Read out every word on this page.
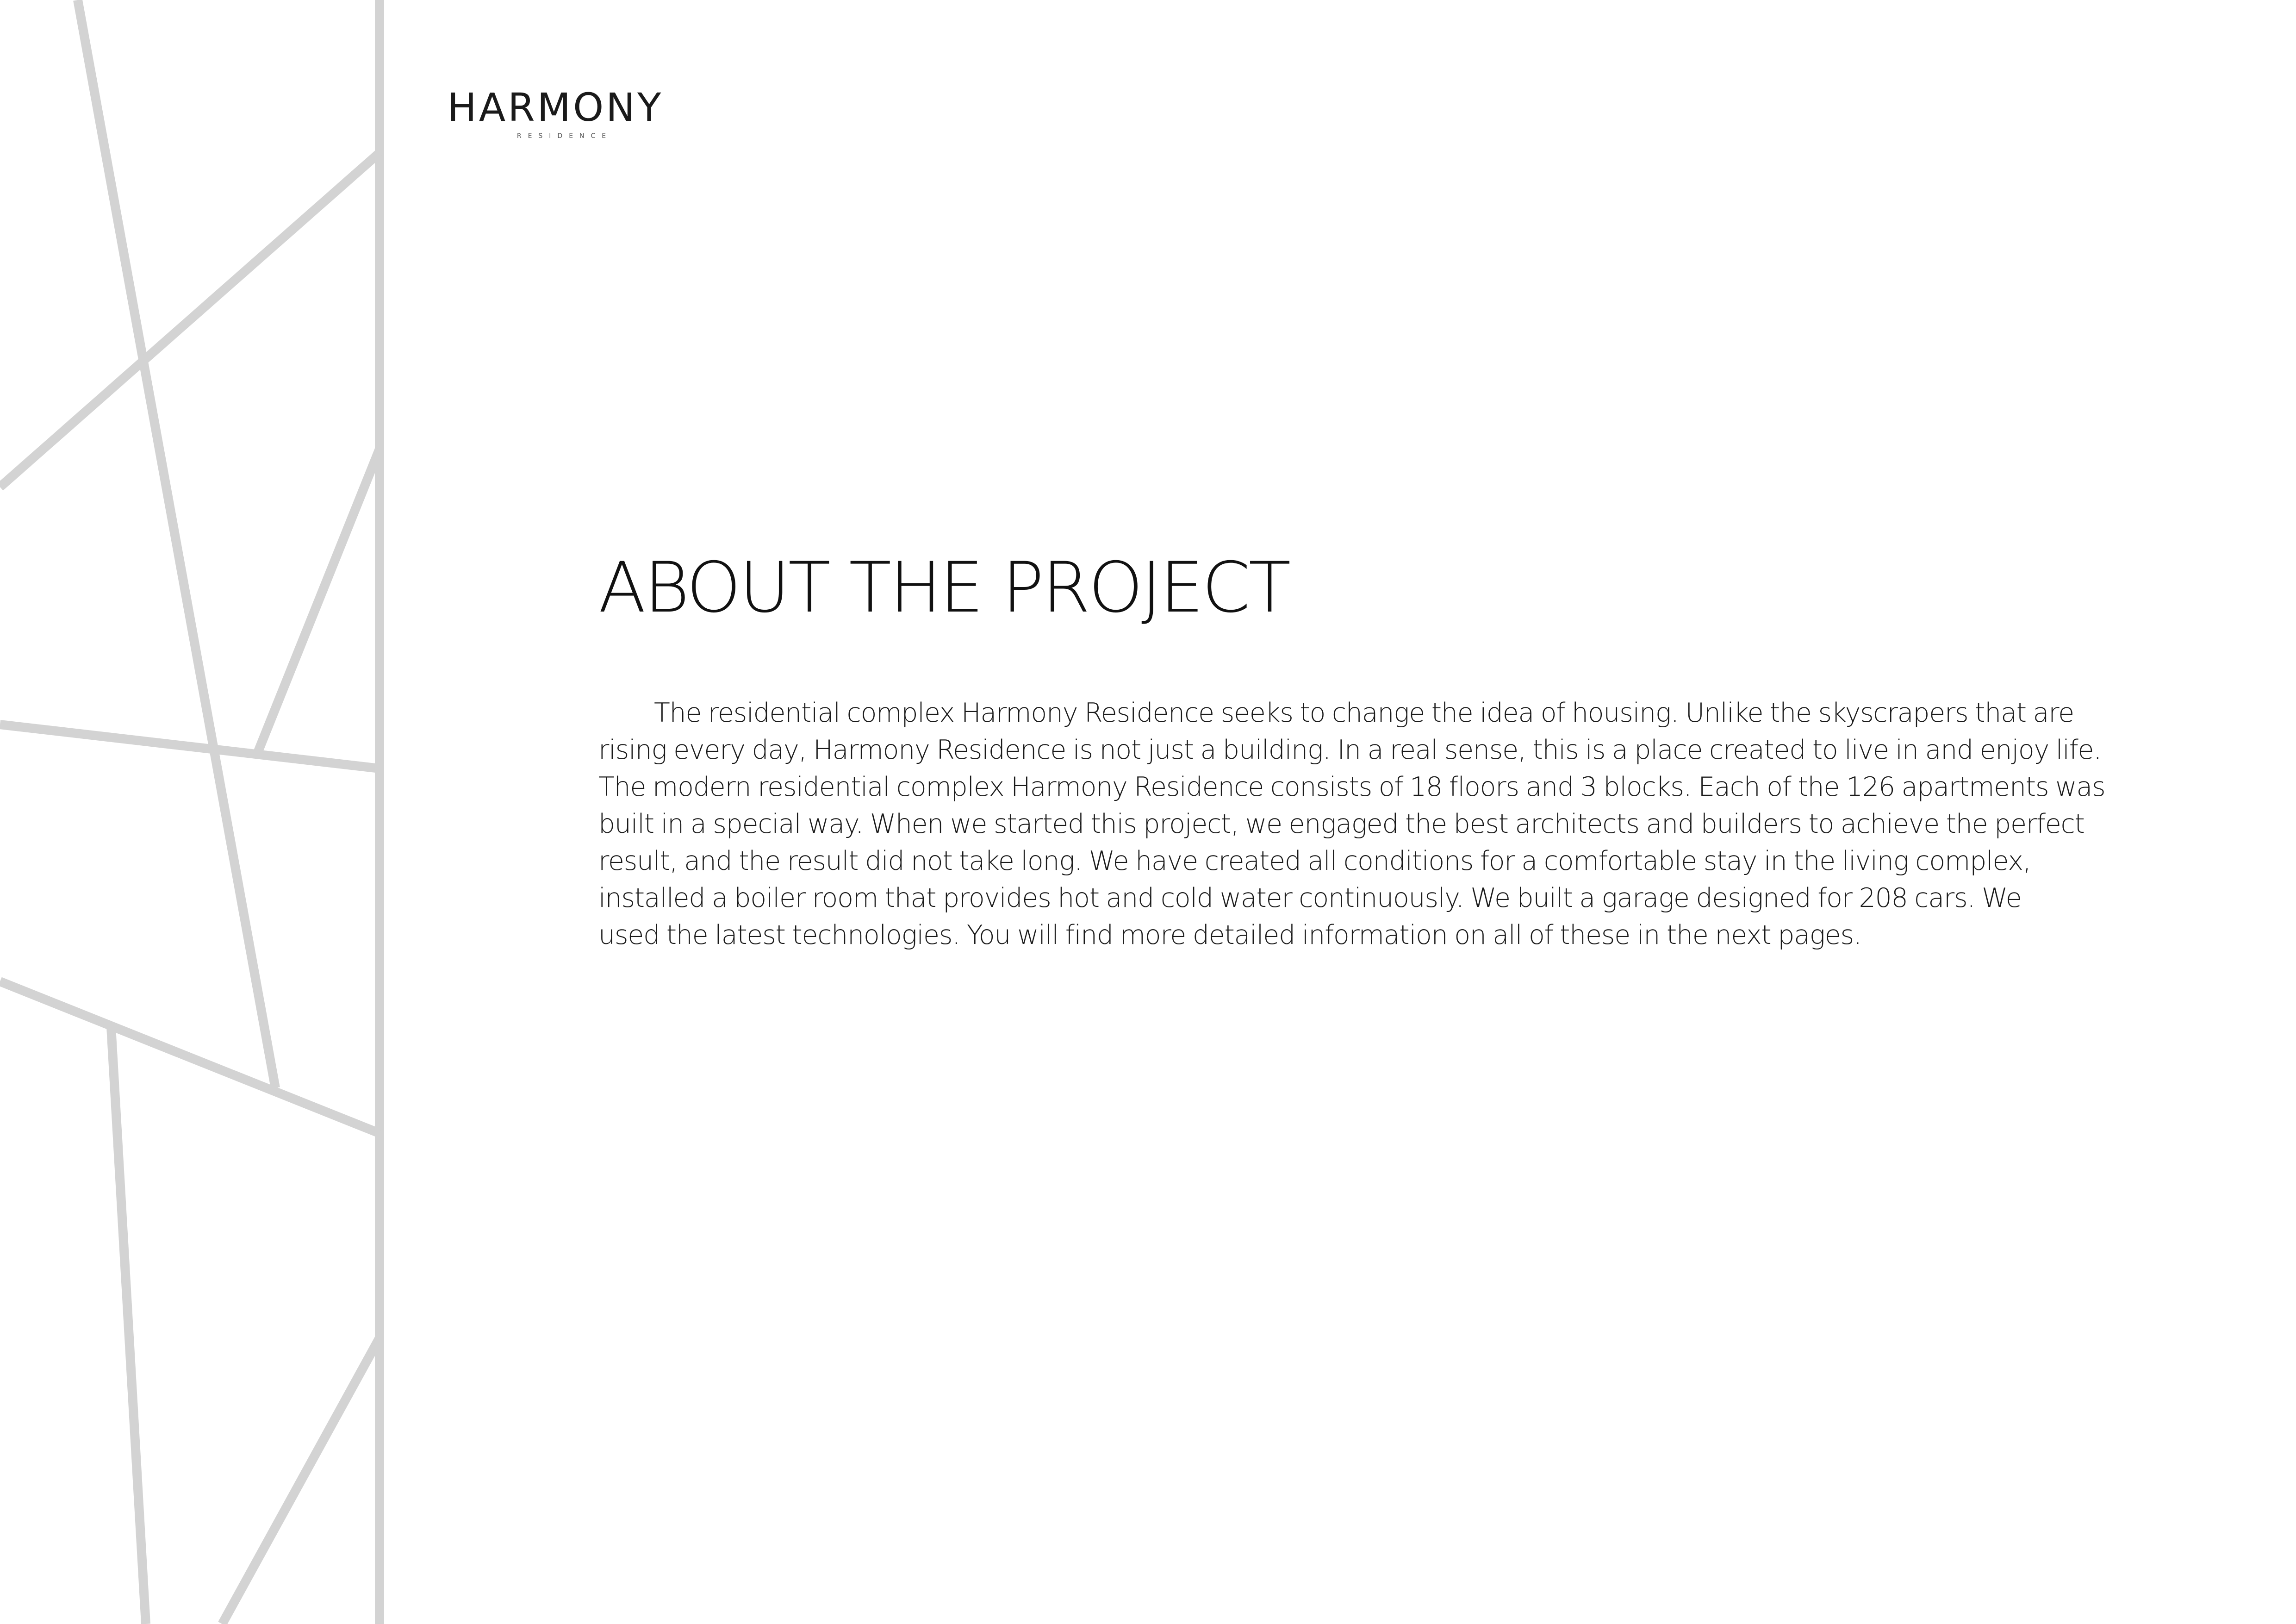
HARMONY
RESIDENCE
ABOUT THE PROJECT

The residential complex Harmony Residence seeks to change the idea of housing. Unlike the skyscrapers that are
rising every day, Harmony Residence is not just a building. In a real sense, this is a place created to live in and enjoy life.
The modern residential complex Harmony Residence consists of 18 floors and 3 blocks. Each of the 126 apartments was
built in a special way. When we started this project, we engaged the best architects and builders to achieve the perfect
result, and the result did not take long. We have created all conditions for a comfortable stay in the living complex,
installed a boiler room that provides hot and cold water continuously. We built a garage designed for 208 cars. We
used the latest technologies. You will find more detailed information on all of these in the next pages.
